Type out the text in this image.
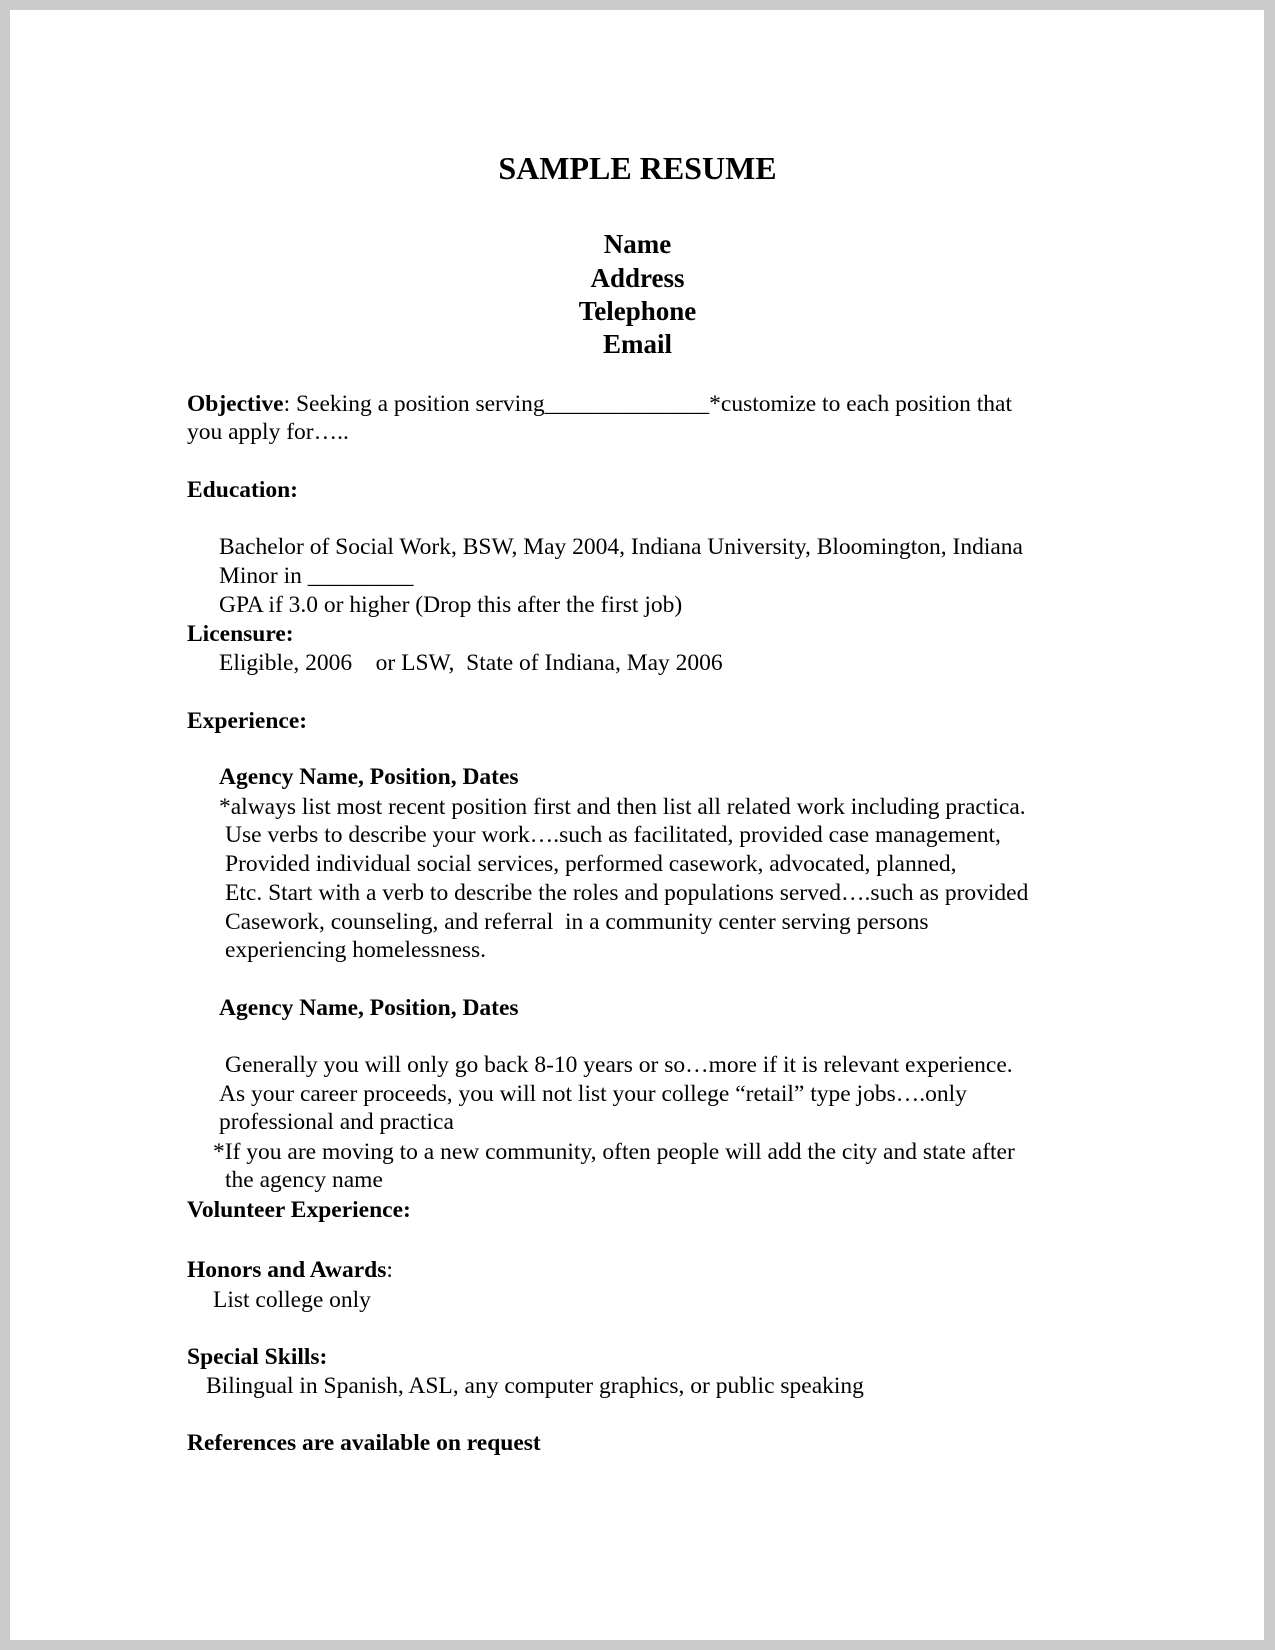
SAMPLE RESUME
Name
Address
Telephone
Email
Objective: Seeking a position serving______________*customize to each position that
you apply for…..
Education:
Bachelor of Social Work, BSW, May 2004, Indiana University, Bloomington, Indiana
Minor in _________
GPA if 3.0 or higher (Drop this after the first job)
Licensure:
Eligible, 2006    or LSW,  State of Indiana, May 2006
Experience:
Agency Name, Position, Dates
*always list most recent position first and then list all related work including practica.
Use verbs to describe your work….such as facilitated, provided case management,
Provided individual social services, performed casework, advocated, planned,
Etc. Start with a verb to describe the roles and populations served….such as provided
Casework, counseling, and referral  in a community center serving persons
experiencing homelessness.
Agency Name, Position, Dates
Generally you will only go back 8-10 years or so…more if it is relevant experience.
As your career proceeds, you will not list your college “retail” type jobs….only
professional and practica
*If you are moving to a new community, often people will add the city and state after
the agency name
Volunteer Experience:
Honors and Awards:
List college only
Special Skills:
Bilingual in Spanish, ASL, any computer graphics, or public speaking
References are available on request
